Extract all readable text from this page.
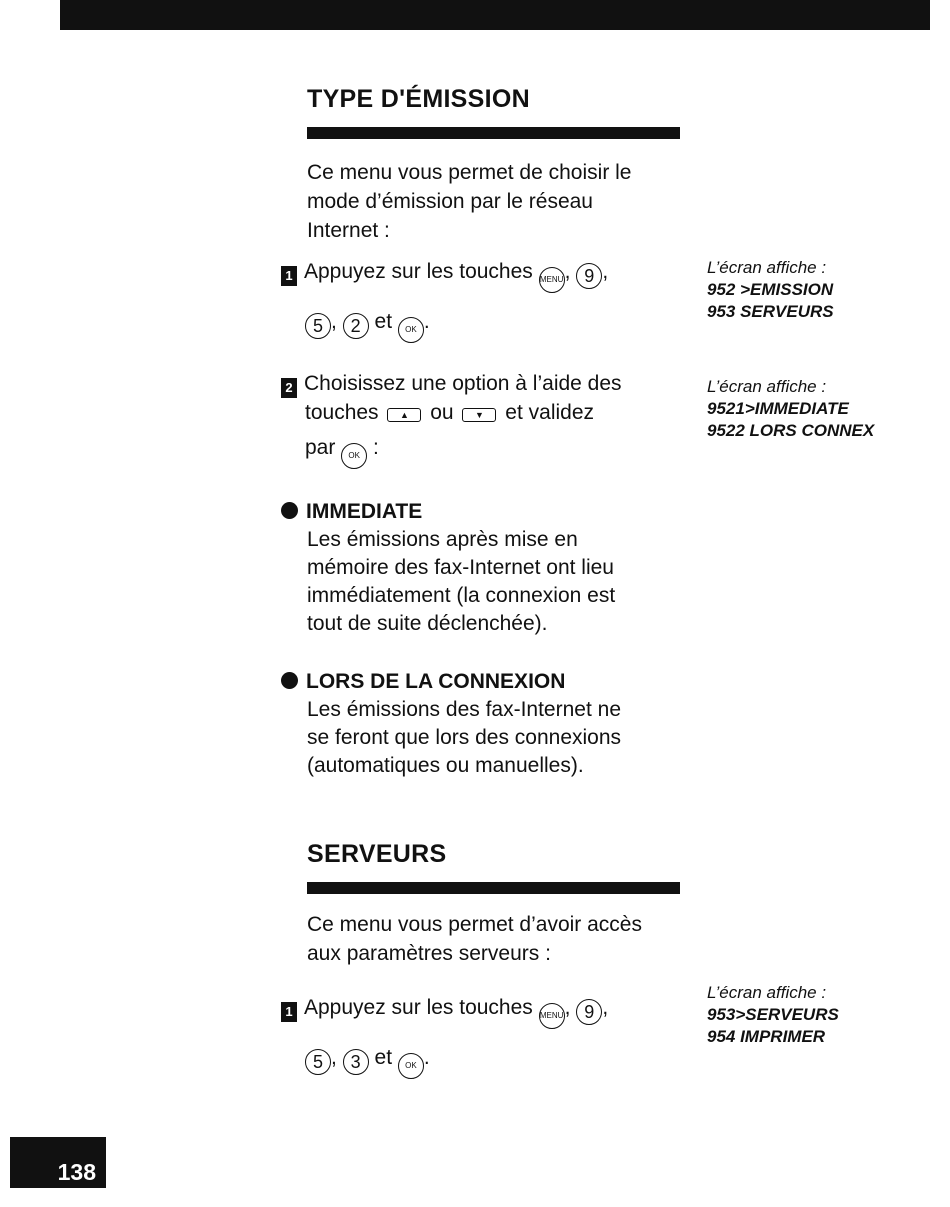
TYPE D'ÉMISSION
Ce menu vous permet de choisir le
mode d’émission par le réseau
Internet :
1 Appuyez sur les touches MENU, 9 ,
5 , 2 et OK .
L’écran affiche :
952 >EMISSION
953 SERVEURS
2 Choisissez une option à l’aide des
touches ▲ ou ▼ et validez
par OK :
L’écran affiche :
9521>IMMEDIATE
9522 LORS CONNEX
IMMEDIATE
Les émissions après mise en
mémoire des fax-Internet ont lieu
immédiatement (la connexion est
tout de suite déclenchée).
LORS DE LA CONNEXION
Les émissions des fax-Internet ne
se feront que lors des connexions
(automatiques ou manuelles).
SERVEURS
Ce menu vous permet d’avoir accès
aux paramètres serveurs :
1 Appuyez sur les touches MENU, 9 ,
5 , 3 et OK .
L’écran affiche :
953>SERVEURS
954 IMPRIMER
138
